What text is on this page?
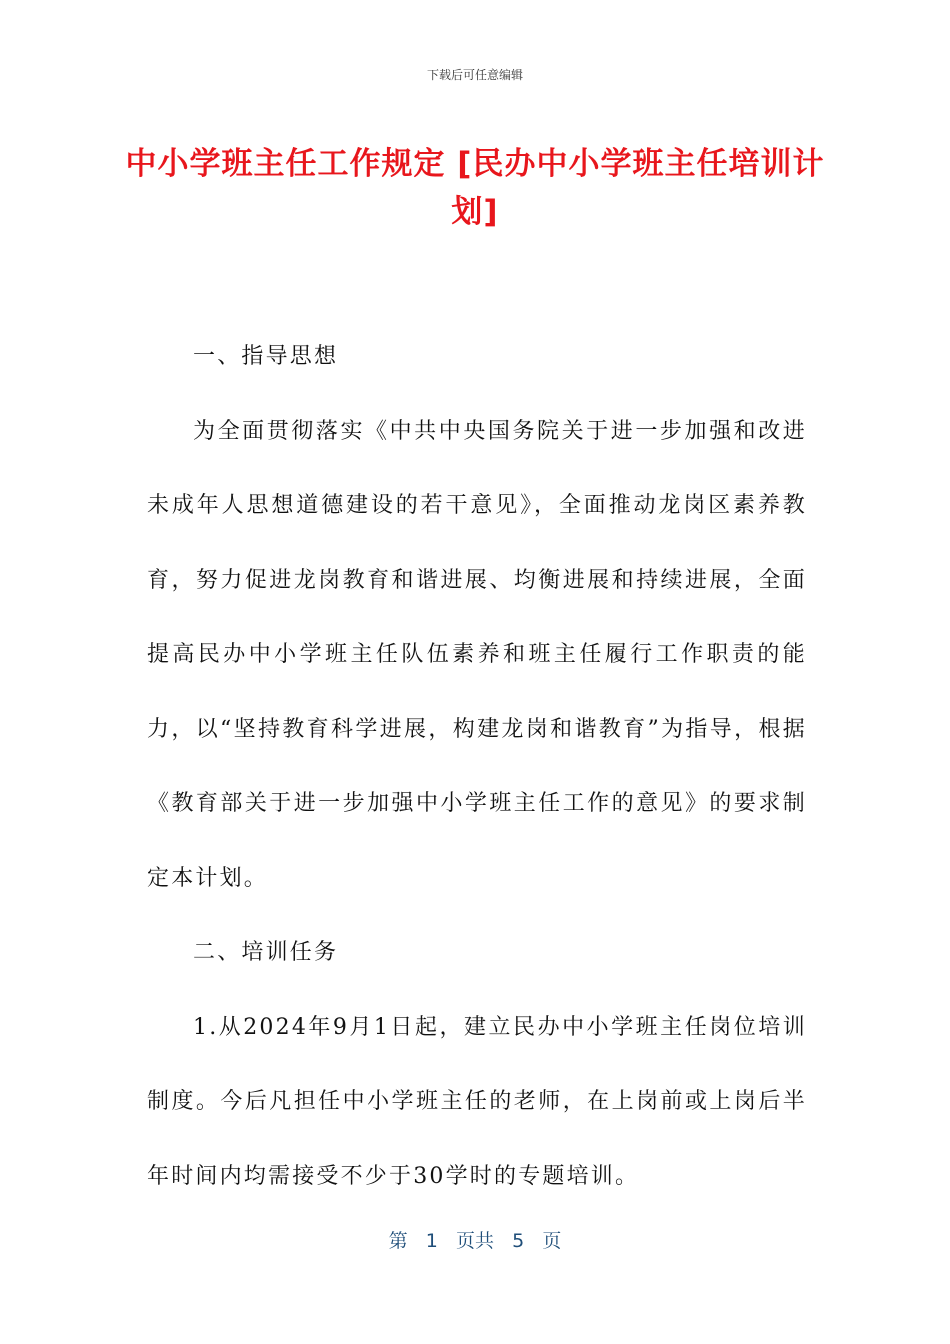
下载后可任意编辑
中小学班主任工作规定 [民办中小学班主任培训计划]

一、指导思想

为全面贯彻落实《中共中央国务院关于进一步加强和改进未成年人思想道德建设的若干意见》，全面推动龙岗区素养教育，努力促进龙岗教育和谐进展、均衡进展和持续进展，全面提高民办中小学班主任队伍素养和班主任履行工作职责的能力，以“坚持教育科学进展，构建龙岗和谐教育”为指导，根据《教育部关于进一步加强中小学班主任工作的意见》的要求制定本计划。

二、培训任务

1.从2024年9月1日起，建立民办中小学班主任岗位培训制度。今后凡担任中小学班主任的老师，在上岗前或上岗后半年时间内均需接受不少于30学时的专题培训。

第 1 页共 5 页
